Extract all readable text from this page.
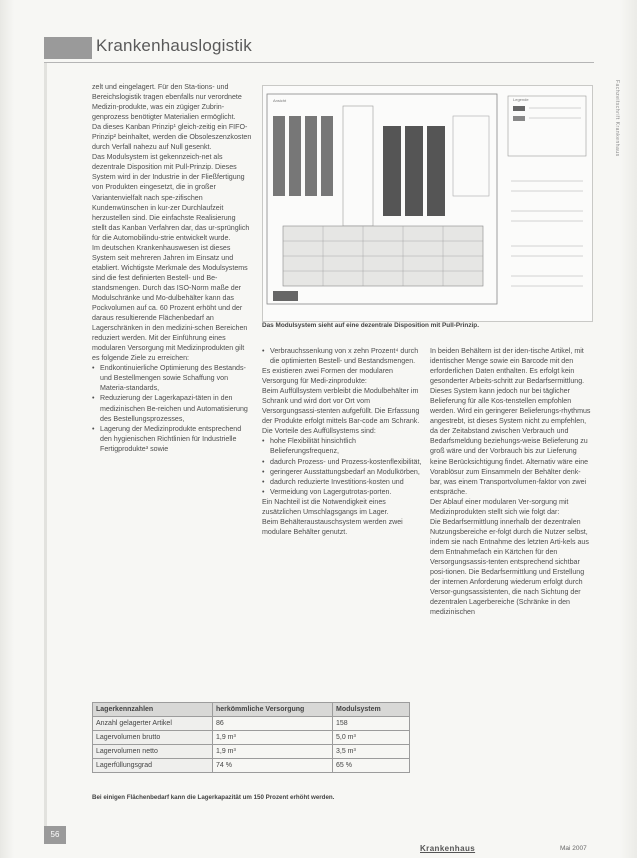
Krankenhauslogistik
Fachzeitschrift Krankenhaus

zelt und eingelagert. Für den Sta-tions- und Bereichslogistik tragen ebenfalls nur verordnete Medizin-produkte, was ein zügiger Zubrin-genprozess benötigter Materialien ermöglicht.

Da dieses Kanban Prinzip¹ gleich-zeitig ein FIFO-Prinzip² beinhaltet, werden die Obsoleszenzkosten durch Verfall nahezu auf Null gesenkt.

Das Modulsystem ist gekennzeich-net als dezentrale Disposition mit Pull-Prinzip. Dieses System wird in der Industrie in der Fließfertigung von Produkten eingesetzt, die in großer Variantenvielfalt nach spe-zifischen Kundenwünschen in kur-zer Durchlaufzeit herzustellen sind. Die einfachste Realisierung stellt das Kanban Verfahren dar, das ur-sprünglich für die Automobilindu-strie entwickelt wurde.

Im deutschen Krankenhauswesen ist dieses System seit mehreren Jahren im Einsatz und etabliert. Wichtigste Merkmale des Modulsystems sind die fest definierten Bestell- und Be-standsmengen. Durch das ISO-Norm maße der Modulschränke und Mo-dulbehälter kann das Pockvolumen auf ca. 60 Prozent erhöht und der daraus resultierende Flächenbedarf an Lagerschränken in den medizini-schen Bereichen reduziert werden. Mit der Einführung eines modularen Versorgung mit Medizinprodukten gilt es folgende Ziele zu erreichen:

• Endkontinuierliche Optimierung des Bestands- und Bestellmengen sowie Schaffung von Materia-standards,
• Reduzierung der Lagerkapazi-täten in den medizinischen Be-reichen und Automatisierung des Bestellungsprozesses,
• Lagerung der Medizinprodukte entsprechend den hygienischen Richtlinien für Industrielle Fertigprodukte³ sowie
Legende
Ansicht
Das Modulsystem sieht auf eine dezentrale Disposition mit Pull-Prinzip.
• Verbrauchssenkung von x zehn Prozent⁴ durch die optimierten Bestell- und Bestandsmengen.

Es existieren zwei Formen der modularen Versorgung für Medi-zinprodukte:

Beim Auffüllsystem verbleibt die Modulbehälter im Schrank und wird dort vor Ort vom Versorgungsassi-stenten aufgefüllt. Die Erfassung der Produkte erfolgt mittels Bar-code am Schrank. Die Vorteile des Auffüllsystems sind:

• hohe Flexibilität hinsichtlich Belieferungsfrequenz,
• dadurch Prozess- und Prozess-kostenflexibilität,
• geringerer Ausstattungsbedarf an Modulkörben,
• dadurch reduzierte Investitions-kosten und
• Vermeidung von Lagergutrotas-porten.

Ein Nachteil ist die Notwendigkeit eines zusätzlichen Umschlagsgangs im Lager.

Beim Behälteraustauschsystem werden zwei modulare Behälter genutzt.

In beiden Behältern ist der iden-tische Artikel, mit identischer Menge sowie ein Barcode mit den erforderlichen Daten enthalten. Es erfolgt kein gesonderter Arbeits-schritt zur Bedarfsermittlung. Dieses System kann jedoch nur bei täglicher Belieferung für alle Kos-tenstellen empfohlen werden. Wird ein geringerer Belieferungs-rhythmus angestrebt, ist dieses System nicht zu empfehlen, da der Zeitabstand zwischen Verbrauch und Bedarfsmeldung beziehungs-weise Belieferung zu groß wäre und der Vorbrauch bis zur Lieferung keine Berücksichtigung findet. Alternativ wäre eine Vorablösur zum Einsammeln der Behälter denk-bar, was einem Transportvolumen-faktor von zwei entspräche.

Der Ablauf einer modularen Ver-sorgung mit Medizinprodukten stellt sich wie folgt dar:

Die Bedarfsermittlung innerhalb der dezentralen Nutzungsbereiche er-folgt durch die Nutzer selbst, indem sie nach Entnahme des letzten Arti-kels aus dem Entnahmefach ein Kärtchen für den Versorgungsassis-tenten entsprechend sichtbar posi-tionen. Die Bedarfsermittlung und Erstellung der internen Anforderung wiederum erfolgt durch Versor-gungsassistenten, die nach Sichtung der dezentralen Lagerbereiche (Schränke in den medizinischen

Lagerkennzahlen	herkömmliche Versorgung	Modulsystem
Anzahl gelagerter Artikel	86	158
Lagervolumen brutto	1,9 m³	5,0 m³
Lagervolumen netto	1,9 m³	3,5 m³
Lagerfüllungsgrad	74 %	65 %
Bei einigen Flächenbedarf kann die Lagerkapazität um 150 Prozent erhöht werden.
56
Krankenhaus	Mai 2007
